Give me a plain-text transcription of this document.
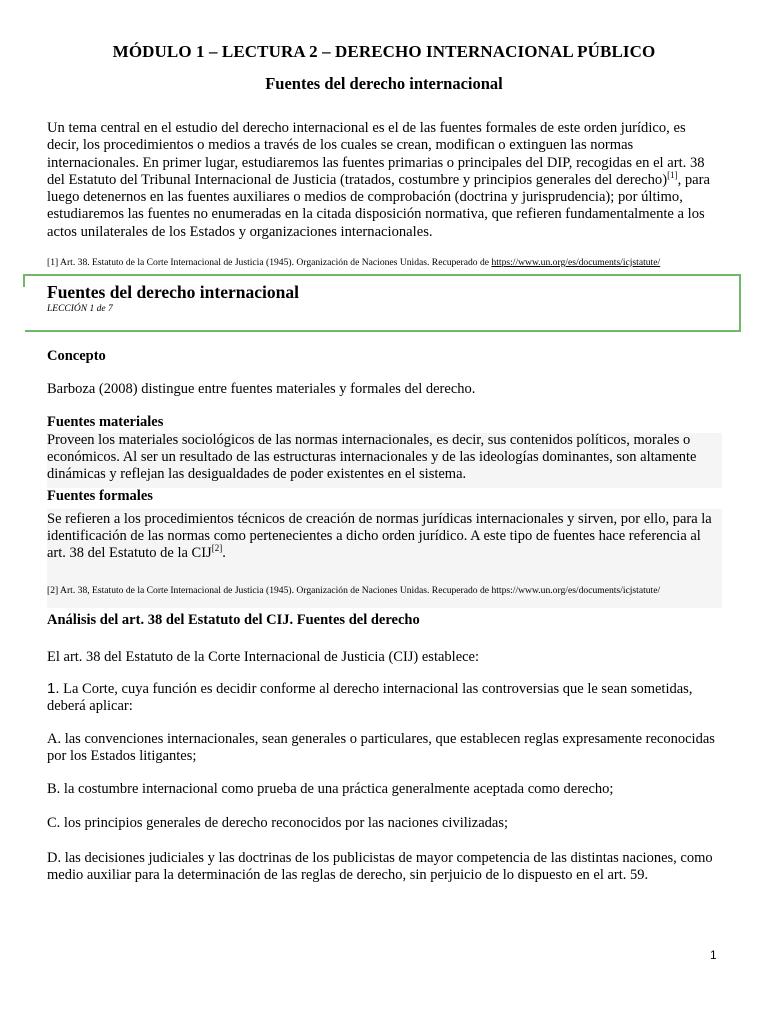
MÓDULO 1 – LECTURA 2 – DERECHO INTERNACIONAL PÚBLICO
Fuentes del derecho internacional

Un tema central en el estudio del derecho internacional es el de las fuentes formales de este orden jurídico, es decir, los procedimientos o medios a través de los cuales se crean, modifican o extinguen las normas internacionales. En primer lugar, estudiaremos las fuentes primarias o principales del DIP, recogidas en el art. 38 del Estatuto del Tribunal Internacional de Justicia (tratados, costumbre y principios generales del derecho)[1], para luego detenernos en las fuentes auxiliares o medios de comprobación (doctrina y jurisprudencia); por último, estudiaremos las fuentes no enumeradas en la citada disposición normativa, que refieren fundamentalmente a los actos unilaterales de los Estados y organizaciones internacionales.

[1] Art. 38. Estatuto de la Corte Internacional de Justicia (1945). Organización de Naciones Unidas. Recuperado de https://www.un.org/es/documents/icjstatute/

Fuentes del derecho internacional
LECCIÓN 1 de 7
Concepto
Barboza (2008) distingue entre fuentes materiales y formales del derecho.
Fuentes materiales

Proveen los materiales sociológicos de las normas internacionales, es decir, sus contenidos políticos, morales o económicos. Al ser un resultado de las estructuras internacionales y de las ideologías dominantes, son altamente dinámicas y reflejan las desigualdades de poder existentes en el sistema.

Fuentes formales

Se refieren a los procedimientos técnicos de creación de normas jurídicas internacionales y sirven, por ello, para la identificación de las normas como pertenecientes a dicho orden jurídico. A este tipo de fuentes hace referencia al art. 38 del Estatuto de la CIJ[2].

[2] Art. 38, Estatuto de la Corte Internacional de Justicia (1945). Organización de Naciones Unidas. Recuperado de https://www.un.org/es/documents/icjstatute/

Análisis del art. 38 del Estatuto del CIJ. Fuentes del derecho
El art. 38 del Estatuto de la Corte Internacional de Justicia (CIJ) establece:

1. La Corte, cuya función es decidir conforme al derecho internacional las controversias que le sean sometidas, deberá aplicar:

A. las convenciones internacionales, sean generales o particulares, que establecen reglas expresamente reconocidas por los Estados litigantes;

B. la costumbre internacional como prueba de una práctica generalmente aceptada como derecho;

C. los principios generales de derecho reconocidos por las naciones civilizadas;

D. las decisiones judiciales y las doctrinas de los publicistas de mayor competencia de las distintas naciones, como medio auxiliar para la determinación de las reglas de derecho, sin perjuicio de lo dispuesto en el art. 59.

1
